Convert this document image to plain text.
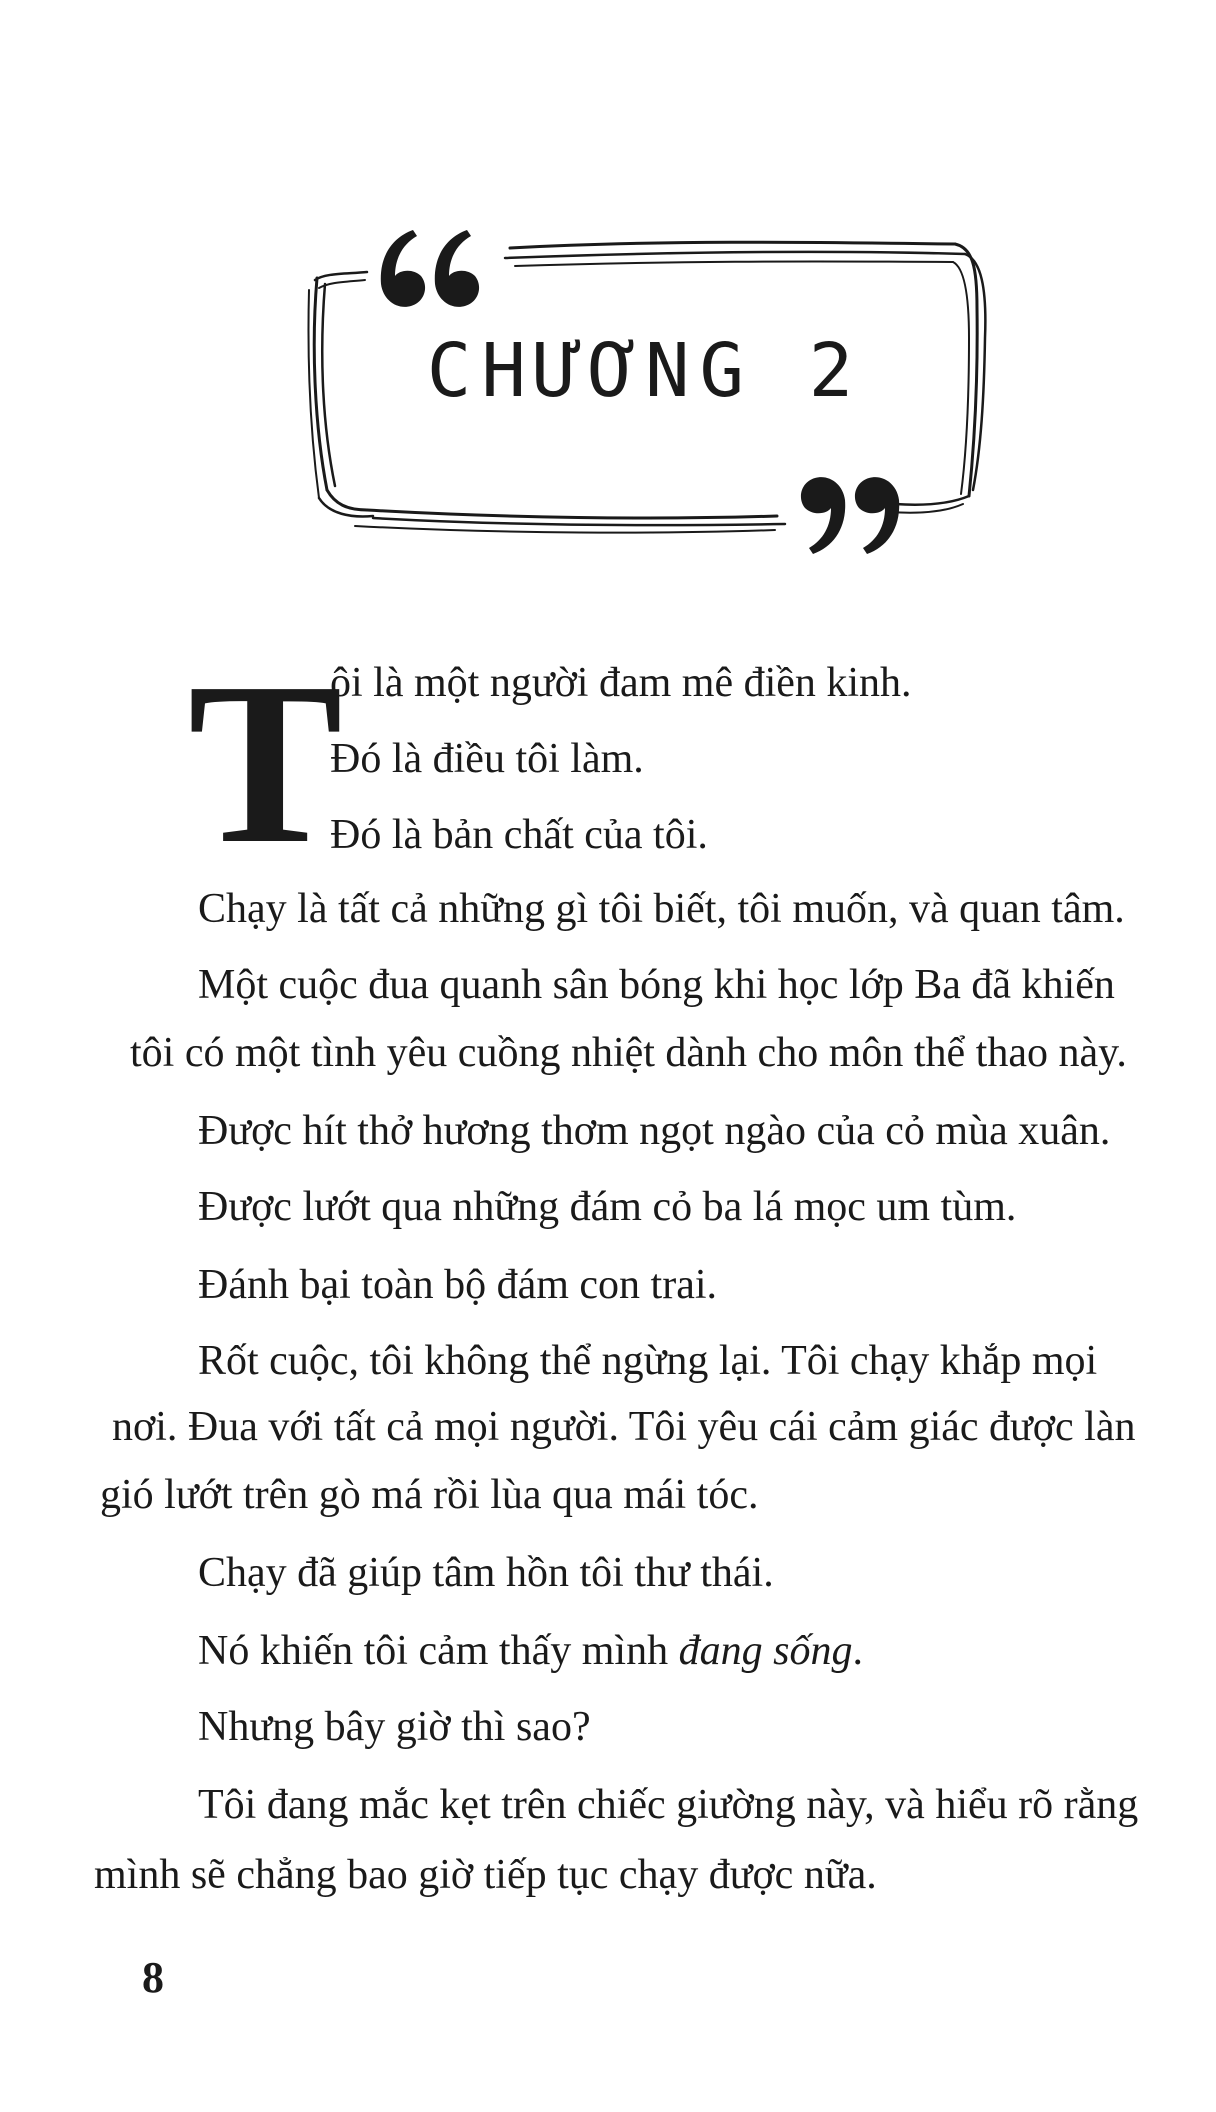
CHƯƠNG 2
T
ôi là một người đam mê điền kinh.
Đó là điều tôi làm.
Đó là bản chất của tôi.
Chạy là tất cả những gì tôi biết, tôi muốn, và quan tâm.
Một cuộc đua quanh sân bóng khi học lớp Ba đã khiến
tôi có một tình yêu cuồng nhiệt dành cho môn thể thao này.
Được hít thở hương thơm ngọt ngào của cỏ mùa xuân.
Được lướt qua những đám cỏ ba lá mọc um tùm.
Đánh bại toàn bộ đám con trai.
Rốt cuộc, tôi không thể ngừng lại. Tôi chạy khắp mọi
nơi. Đua với tất cả mọi người. Tôi yêu cái cảm giác được làn
gió lướt trên gò má rồi lùa qua mái tóc.
Chạy đã giúp tâm hồn tôi thư thái.
Nó khiến tôi cảm thấy mình đang sống.
Nhưng bây giờ thì sao?
Tôi đang mắc kẹt trên chiếc giường này, và hiểu rõ rằng
mình sẽ chẳng bao giờ tiếp tục chạy được nữa.
8
